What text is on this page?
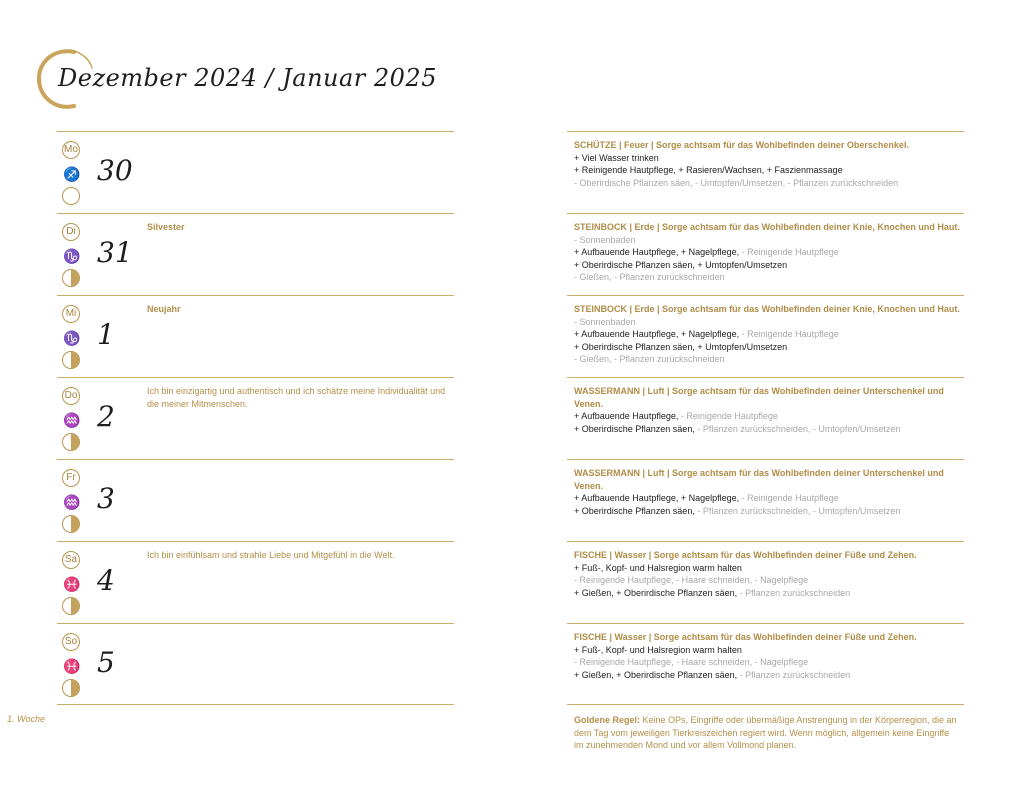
Dezember 2024 / Januar 2025
Mo
♐ 30
Di
♑ 31
Silvester
Mi
♑ 1
Neujahr
Do
♒ 2
Ich bin einzigartig und authentisch und ich schätze meine Individualität und die meiner Mitmenschen.
Fr
♒ 3
Sa
♓ 4
Ich bin einfühlsam und strahle Liebe und Mitgefühl in die Welt.
So
♓ 5
1. Woche
SCHÜTZE | Feuer | Sorge achtsam für das Wohlbefinden deiner Oberschenkel.
+ Viel Wasser trinken
+ Reinigende Hautpflege, + Rasieren/Wachsen, + Faszienmassage
- Oberirdische Pflanzen säen, - Umtopfen/Umsetzen, - Pflanzen zurückschneiden
STEINBOCK | Erde | Sorge achtsam für das Wohlbefinden deiner Knie, Knochen und Haut.
- Sonnenbaden
+ Aufbauende Hautpflege, + Nagelpflege, - Reinigende Hautpflege
+ Oberirdische Pflanzen säen, + Umtopfen/Umsetzen
- Gießen, - Pflanzen zurückschneiden
STEINBOCK | Erde | Sorge achtsam für das Wohlbefinden deiner Knie, Knochen und Haut.
- Sonnenbaden
+ Aufbauende Hautpflege, + Nagelpflege, - Reinigende Hautpflege
+ Oberirdische Pflanzen säen, + Umtopfen/Umsetzen
- Gießen, - Pflanzen zurückschneiden
WASSERMANN | Luft | Sorge achtsam für das Wohlbefinden deiner Unterschenkel und Venen.
+ Aufbauende Hautpflege, - Reinigende Hautpflege
+ Oberirdische Pflanzen säen, - Pflanzen zurückschneiden, - Umtopfen/Umsetzen
WASSERMANN | Luft | Sorge achtsam für das Wohlbefinden deiner Unterschenkel und Venen.
+ Aufbauende Hautpflege, + Nagelpflege, - Reinigende Hautpflege
+ Oberirdische Pflanzen säen, - Pflanzen zurückschneiden, - Umtopfen/Umsetzen
FISCHE | Wasser | Sorge achtsam für das Wohlbefinden deiner Füße und Zehen.
+ Fuß-, Kopf- und Halsregion warm halten
- Reinigende Hautpflege, - Haare schneiden, - Nagelpflege
+ Gießen, + Oberirdische Pflanzen säen, - Pflanzen zurückschneiden
FISCHE | Wasser | Sorge achtsam für das Wohlbefinden deiner Füße und Zehen.
+ Fuß-, Kopf- und Halsregion warm halten
- Reinigende Hautpflege, - Haare schneiden, - Nagelpflege
+ Gießen, + Oberirdische Pflanzen säen, - Pflanzen zurückschneiden
Goldene Regel: Keine OPs, Eingriffe oder übermäßige Anstrengung in der Körperregion, die an dem Tag vom jeweiligen Tierkreiszeichen regiert wird. Wenn möglich, allgemein keine Eingriffe im zunehmenden Mond und vor allem Vollmond planen.
